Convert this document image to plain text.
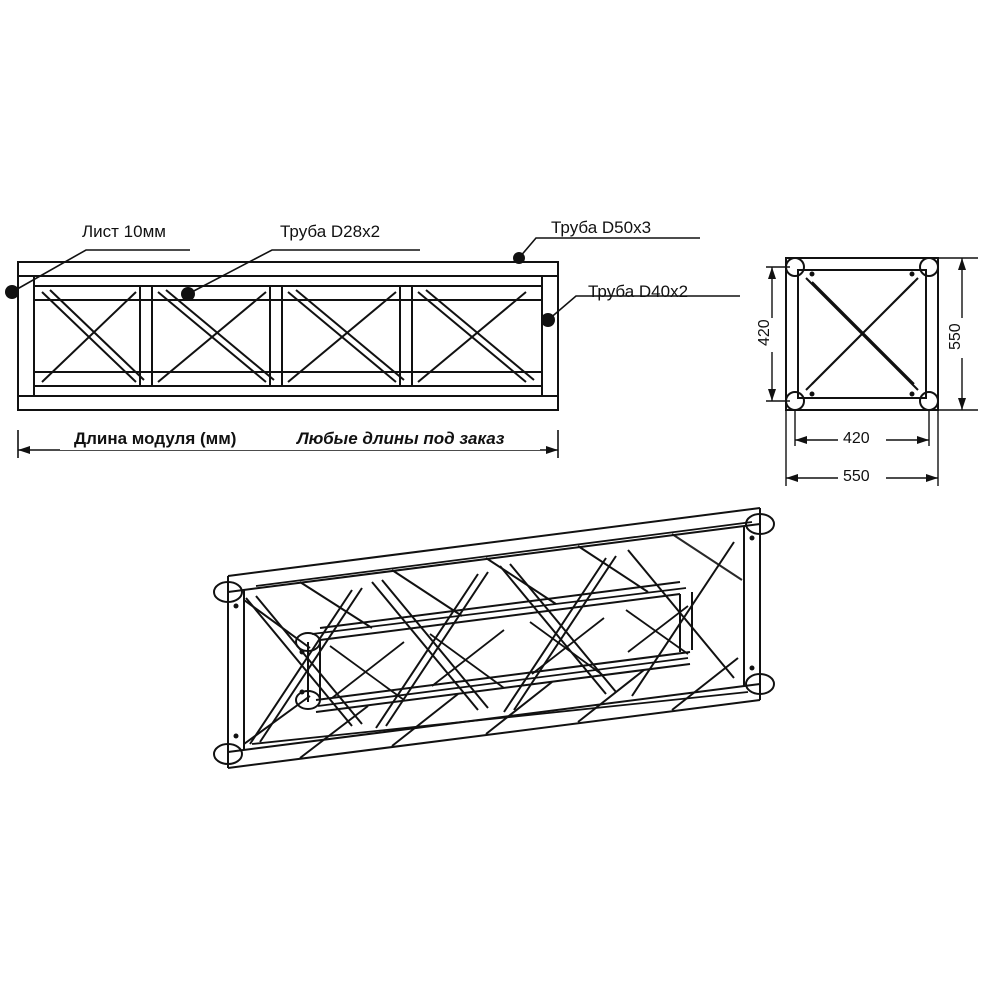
Лист 10мм	Труба D28x2	Труба D50x3
Труба D40x2
Длина модуля (мм)	Любые длины под заказ
420	550
420
550
